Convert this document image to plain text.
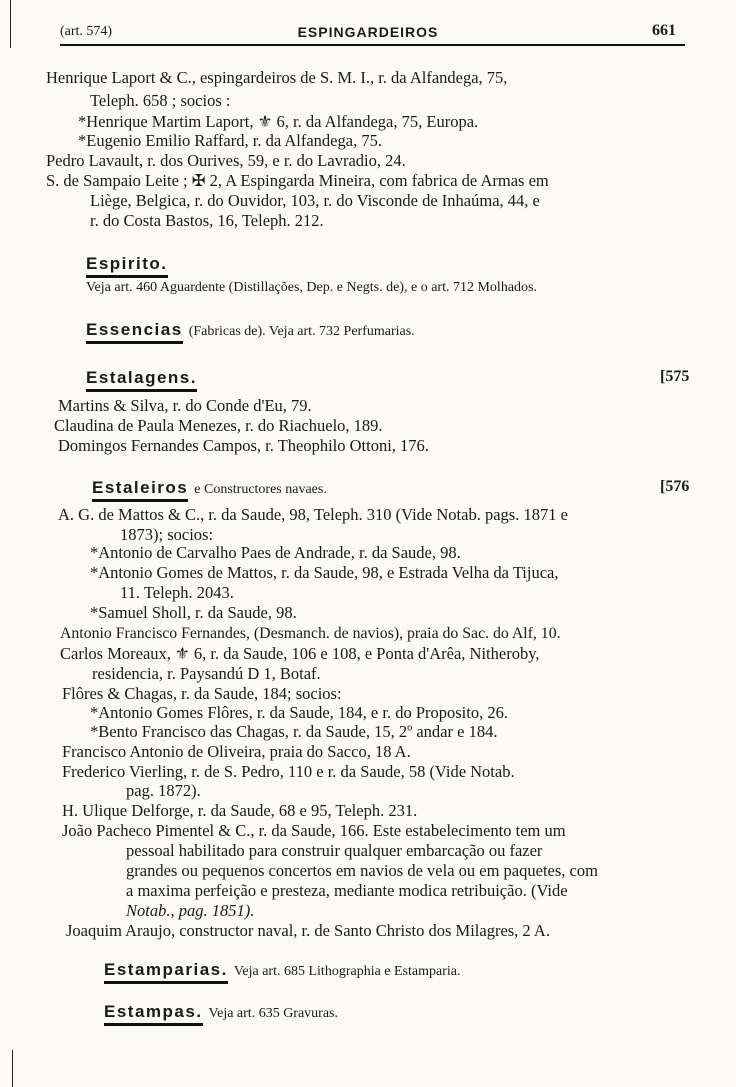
(art. 574)	ESPINGARDEIROS	661
Henrique Laport & C., espingardeiros de S. M. I., r. da Alfandega, 75,
Teleph. 658 ; socios :
*Henrique Martim Laport, ⚜ 6, r. da Alfandega, 75, Europa.
*Eugenio Emilio Raffard, r. da Alfandega, 75.
Pedro Lavault, r. dos Ourives, 59, e r. do Lavradio, 24.
S. de Sampaio Leite ; ✠ 2, A Espingarda Mineira, com fabrica de Armas em
Liège, Belgica, r. do Ouvidor, 103, r. do Visconde de Inhaúma, 44, e
r. do Costa Bastos, 16, Teleph. 212.
Espirito.
Veja art. 460 Aguardente (Distillações, Dep. e Negts. de), e o art. 712 Molhados.
Essencias (Fabricas de). Veja art. 732 Perfumarias.
Estalagens.	[575
Martins & Silva, r. do Conde d'Eu, 79.
Claudina de Paula Menezes, r. do Riachuelo, 189.
Domingos Fernandes Campos, r. Theophilo Ottoni, 176.
Estaleiros e Constructores navaes.	[576
A. G. de Mattos & C., r. da Saude, 98, Teleph. 310 (Vide Notab. pags. 1871 e
1873); socios:
*Antonio de Carvalho Paes de Andrade, r. da Saude, 98.
*Antonio Gomes de Mattos, r. da Saude, 98, e Estrada Velha da Tijuca,
11. Teleph. 2043.
*Samuel Sholl, r. da Saude, 98.
Antonio Francisco Fernandes, (Desmanch. de navios), praia do Sac. do Alf, 10.
Carlos Moreaux, ⚜ 6, r. da Saude, 106 e 108, e Ponta d'Arêa, Nitheroby,
residencia, r. Paysandú D 1, Botaf.
Flôres & Chagas, r. da Saude, 184; socios:
*Antonio Gomes Flôres, r. da Saude, 184, e r. do Proposito, 26.
*Bento Francisco das Chagas, r. da Saude, 15, 2º andar e 184.
Francisco Antonio de Oliveira, praia do Sacco, 18 A.
Frederico Vierling, r. de S. Pedro, 110 e r. da Saude, 58 (Vide Notab.
pag. 1872).
H. Ulique Delforge, r. da Saude, 68 e 95, Teleph. 231.
João Pacheco Pimentel & C., r. da Saude, 166. Este estabelecimento tem um
pessoal habilitado para construir qualquer embarcação ou fazer
grandes ou pequenos concertos em navios de vela ou em paquetes, com
a maxima perfeição e presteza, mediante modica retribuição. (Vide
Notab., pag. 1851).
Joaquim Araujo, constructor naval, r. de Santo Christo dos Milagres, 2 A.
Estamparias. Veja art. 685 Lithographia e Estamparia.
Estampas. Veja art. 635 Gravuras.
